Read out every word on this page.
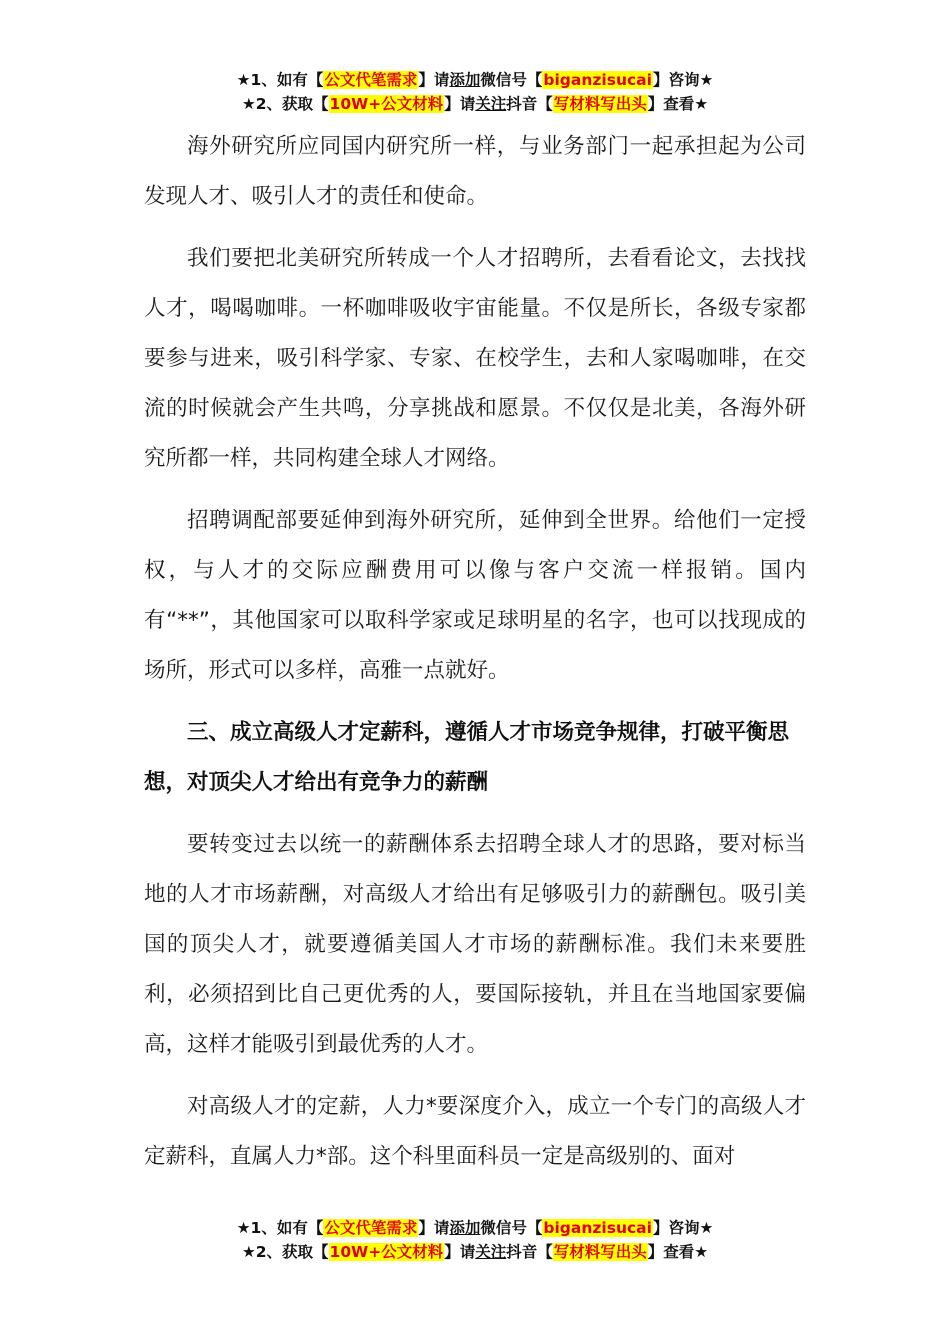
★1、如有【公文代笔需求】请添加微信号【biganzisucai】咨询★
★2、获取【10W+公文材料】请关注抖音【写材料写出头】查看★

海外研究所应同国内研究所一样，与业务部门一起承担起为公司发现人才、吸引人才的责任和使命。

我们要把北美研究所转成一个人才招聘所，去看看论文，去找找人才，喝喝咖啡。一杯咖啡吸收宇宙能量。不仅是所长，各级专家都要参与进来，吸引科学家、专家、在校学生，去和人家喝咖啡，在交流的时候就会产生共鸣，分享挑战和愿景。不仅仅是北美，各海外研究所都一样，共同构建全球人才网络。

招聘调配部要延伸到海外研究所，延伸到全世界。给他们一定授权，与人才的交际应酬费用可以像与客户交流一样报销。国内有“**”，其他国家可以取科学家或足球明星的名字，也可以找现成的场所，形式可以多样，高雅一点就好。

三、成立高级人才定薪科，遵循人才市场竞争规律，打破平衡思想，对顶尖人才给出有竞争力的薪酬

要转变过去以统一的薪酬体系去招聘全球人才的思路，要对标当地的人才市场薪酬，对高级人才给出有足够吸引力的薪酬包。吸引美国的顶尖人才，就要遵循美国人才市场的薪酬标准。我们未来要胜利，必须招到比自己更优秀的人，要国际接轨，并且在当地国家要偏高，这样才能吸引到最优秀的人才。

对高级人才的定薪，人力*要深度介入，成立一个专门的高级人才定薪科，直属人力*部。这个科里面科员一定是高级别的、面对

★1、如有【公文代笔需求】请添加微信号【biganzisucai】咨询★
★2、获取【10W+公文材料】请关注抖音【写材料写出头】查看★
